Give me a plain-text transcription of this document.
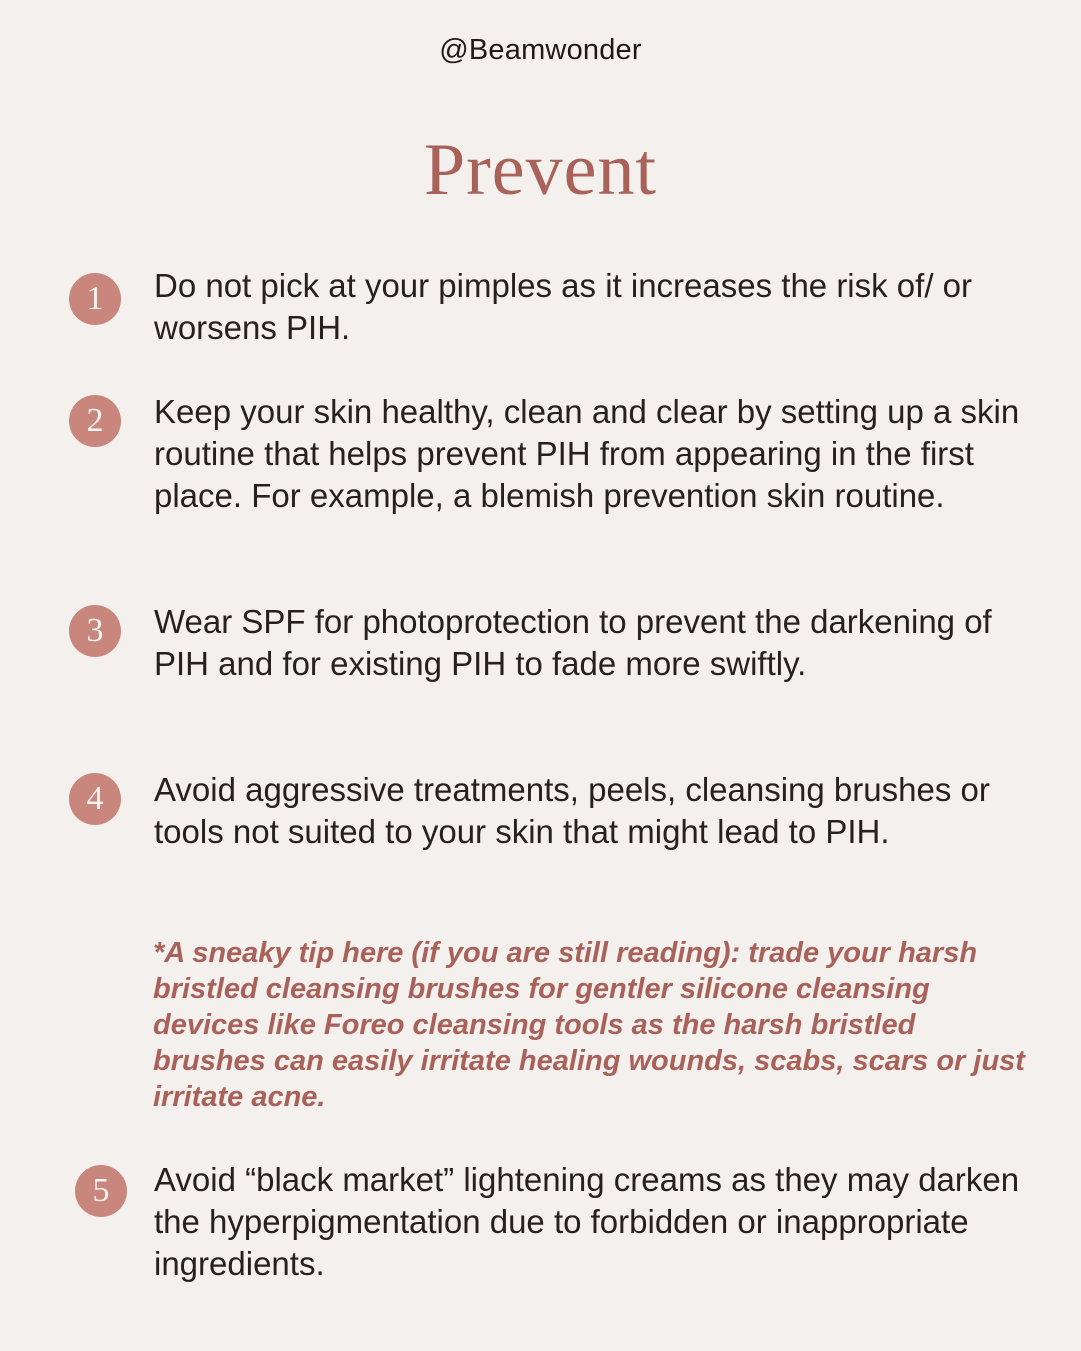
@Beamwonder
Prevent
1	Do not pick at your pimples as it increases the risk of/ or worsens PIH.
2	Keep your skin healthy, clean and clear by setting up a skin routine that helps prevent PIH from appearing in the first place. For example, a blemish prevention skin routine.
3	Wear SPF for photoprotection to prevent the darkening of PIH and for existing PIH to fade more swiftly.
4	Avoid aggressive treatments, peels, cleansing brushes or tools not suited to your skin that might lead to PIH.
*A sneaky tip here (if you are still reading): trade your harsh bristled cleansing brushes for gentler silicone cleansing devices like Foreo cleansing tools as the harsh bristled brushes can easily irritate healing wounds, scabs, scars or just irritate acne.
5	Avoid “black market” lightening creams as they may darken the hyperpigmentation due to forbidden or inappropriate ingredients.
